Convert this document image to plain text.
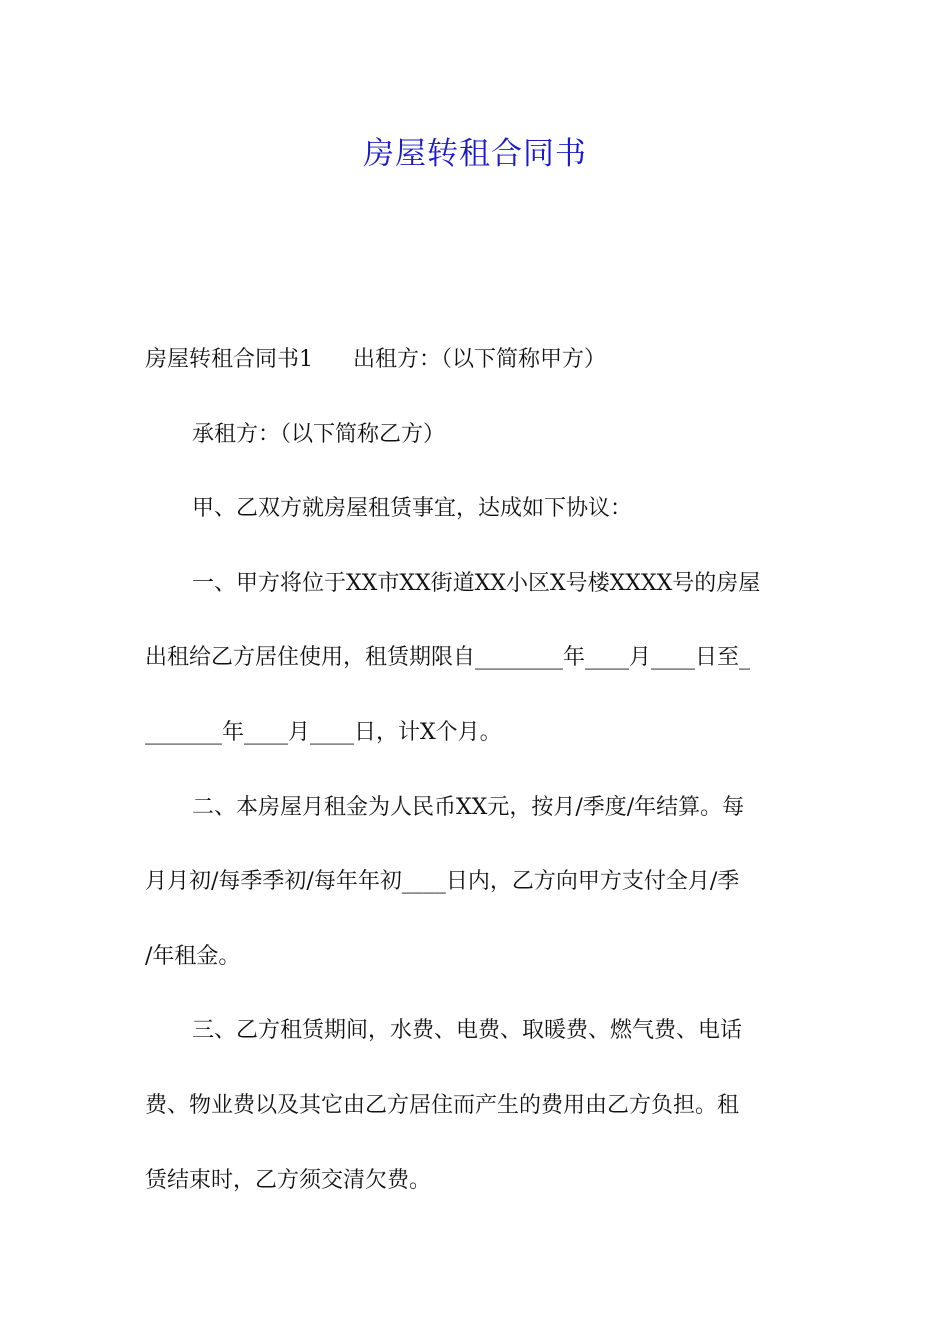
房屋转租合同书
房屋转租合同书1 出租方：（以下简称甲方）
承租方：（以下简称乙方）
甲、乙双方就房屋租赁事宜，达成如下协议：
一、甲方将位于XX市XX街道XX小区X号楼XXXX号的房屋
出租给乙方居住使用，租赁期限自________年____月____日至_
_______年____月____日，计X个月。
二、本房屋月租金为人民币XX元，按月/季度/年结算。每
月月初/每季季初/每年年初____日内，乙方向甲方支付全月/季
/年租金。
三、乙方租赁期间，水费、电费、取暖费、燃气费、电话
费、物业费以及其它由乙方居住而产生的费用由乙方负担。租
赁结束时，乙方须交清欠费。
